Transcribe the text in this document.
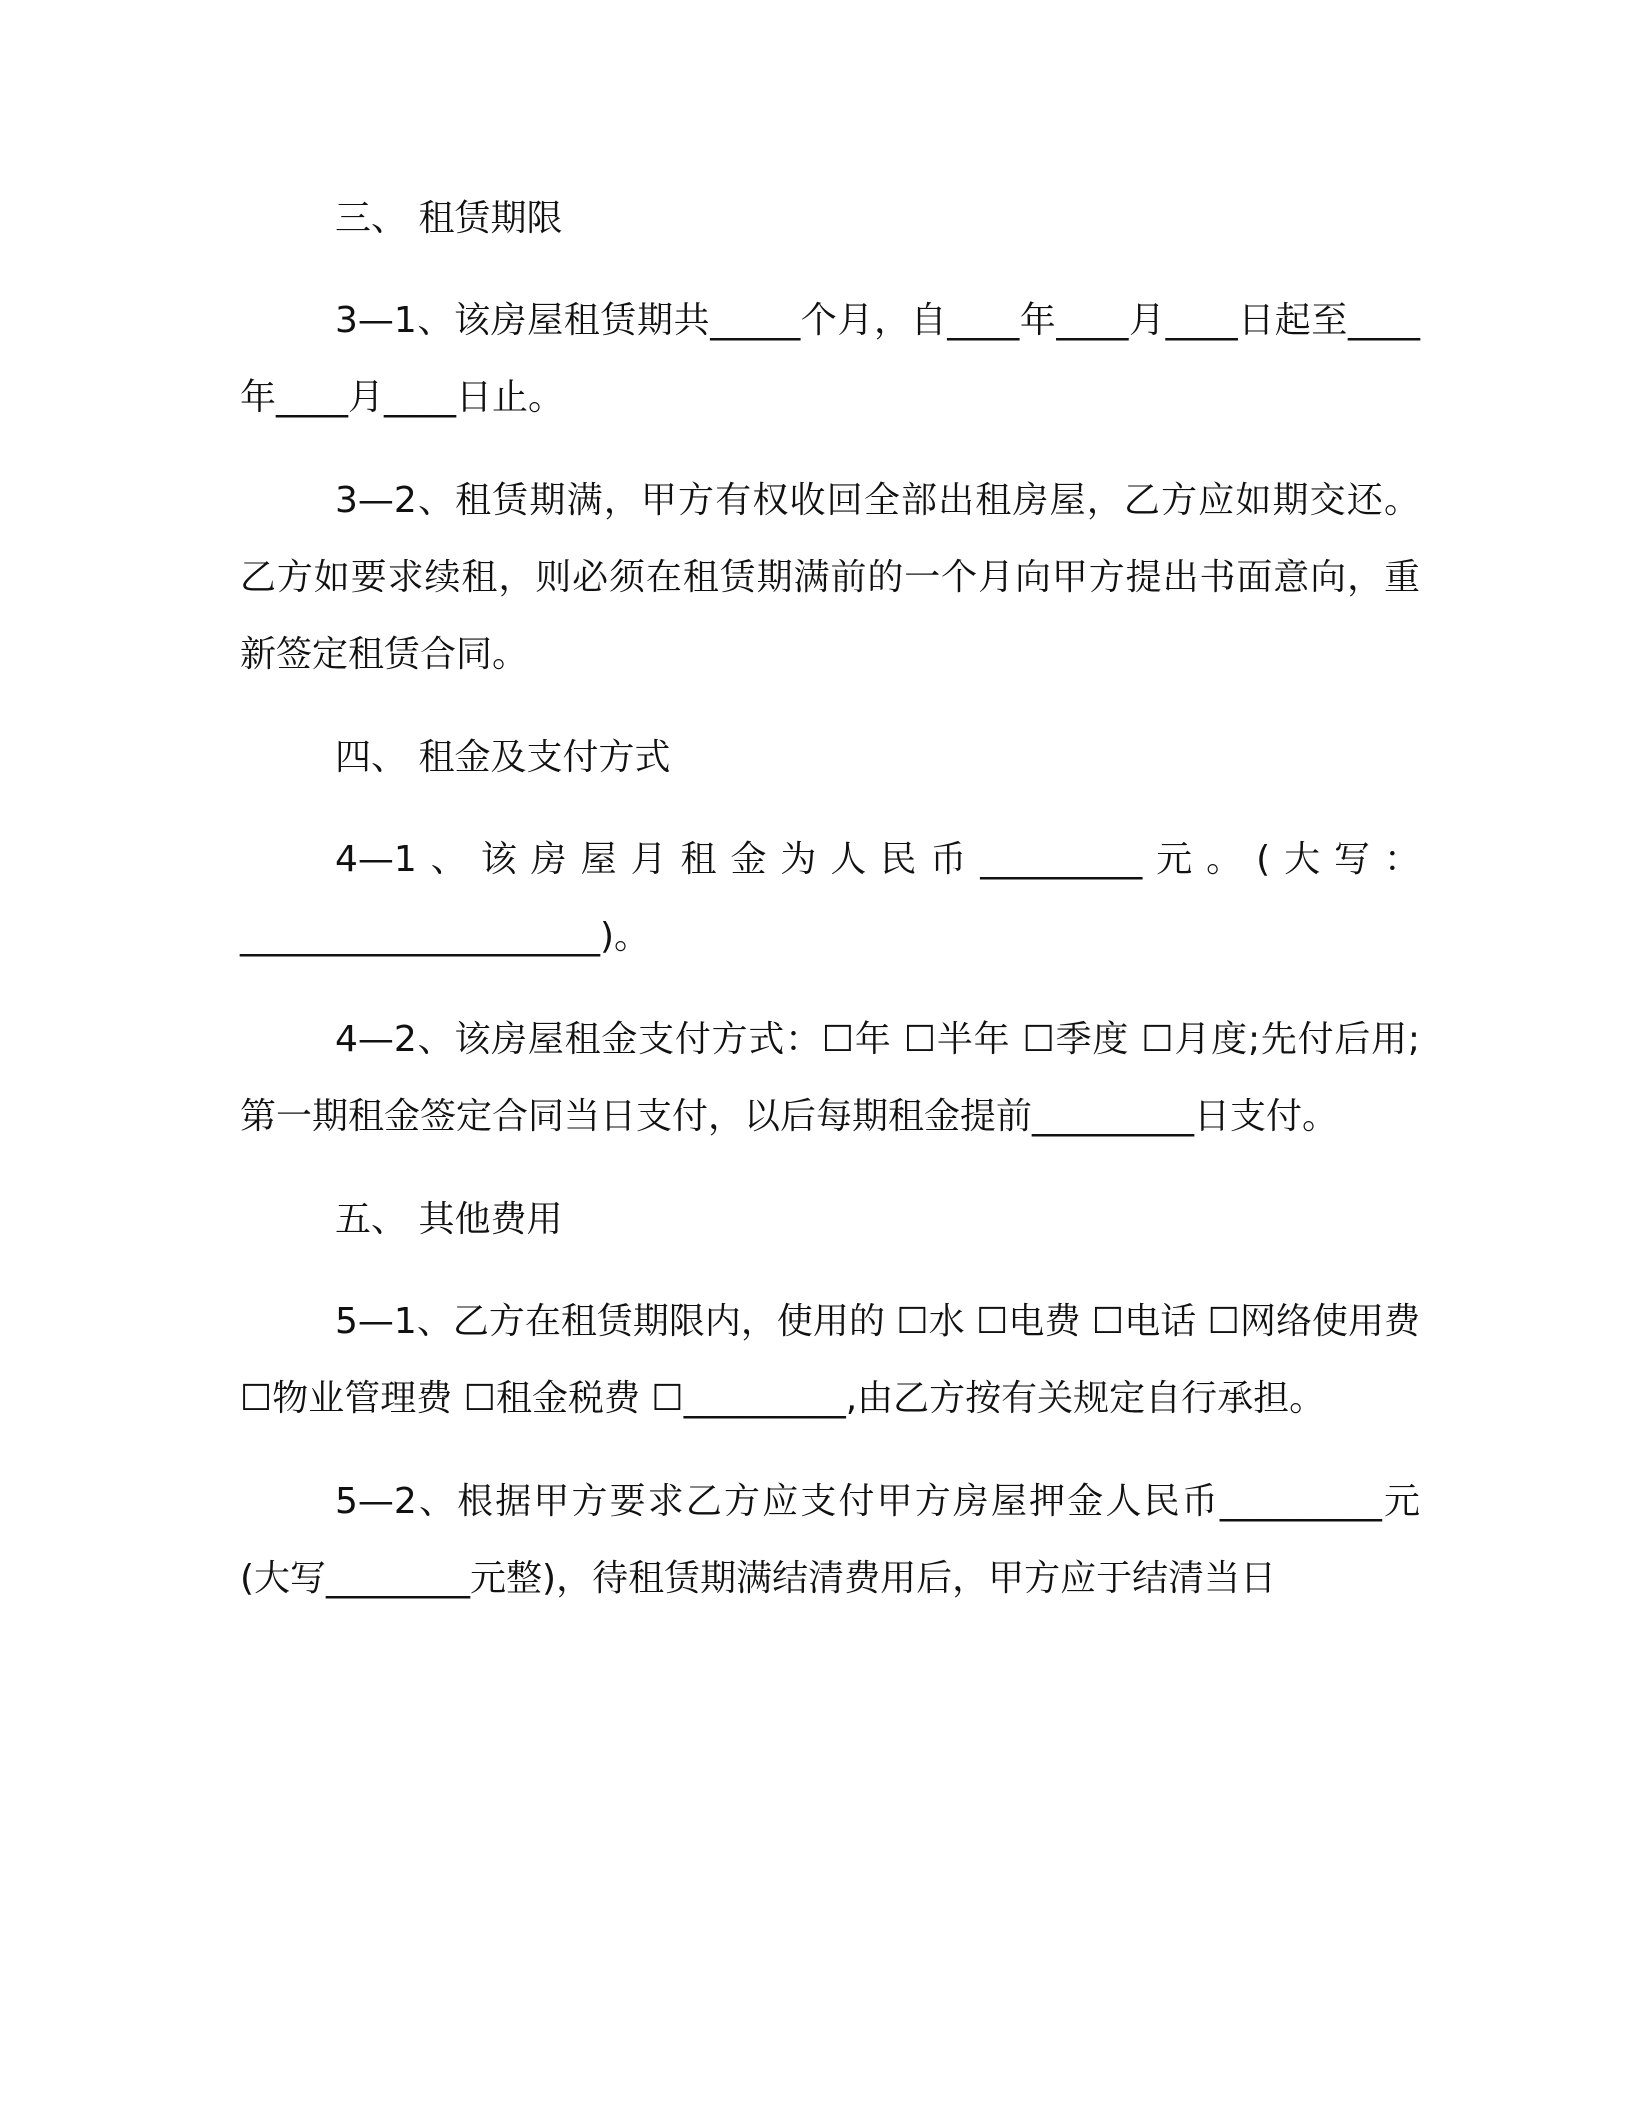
三、 租赁期限

3—1、该房屋租赁期共_____个月，自____年____月____日起至____年____月____日止。

3—2、租赁期满，甲方有权收回全部出租房屋，乙方应如期交还。乙方如要求续租，则必须在租赁期满前的一个月向甲方提出书面意向，重新签定租赁合同。

四、 租金及支付方式

4—1、该房屋月租金为人民币_________元。(大写：____________________)。

4—2、该房屋租金支付方式：☐年 ☐半年 ☐季度 ☐月度;先付后用;第一期租金签定合同当日支付，以后每期租金提前_________日支付。

五、 其他费用

5—1、乙方在租赁期限内，使用的 ☐水 ☐电费 ☐电话 ☐网络使用费 ☐物业管理费 ☐租金税费 ☐_________,由乙方按有关规定自行承担。

5—2、根据甲方要求乙方应支付甲方房屋押金人民币_________元(大写________元整)，待租赁期满结清费用后，甲方应于结清当日
